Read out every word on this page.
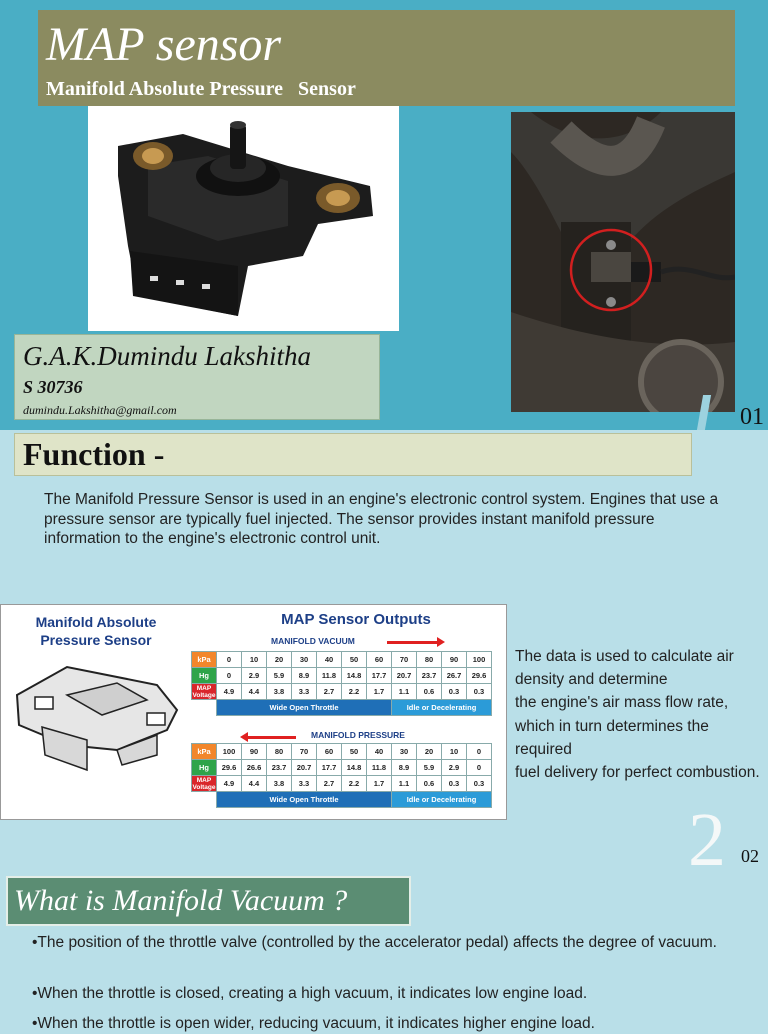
MAP sensor
Manifold Absolute Pressure   Sensor
G.A.K.Dumindu Lakshitha
S 30736
dumindu.Lakshitha@gmail.com	01
Function -
The Manifold Pressure Sensor is used in an engine's electronic control system. Engines that use a pressure sensor are typically fuel injected. The sensor provides instant manifold pressure information to the engine's electronic control unit.
Manifold Absolute Pressure Sensor
MAP Sensor Outputs
MANIFOLD VACUUM
kPa	0	10	20	30	40	50	60	70	80	90	100
Hg	0	2.9	5.9	8.9	11.8	14.8	17.7	20.7	23.7	26.7	29.6
MAP
Voltage	4.9	4.4	3.8	3.3	2.7	2.2	1.7	1.1	0.6	0.3	0.3
	Wide Open Throttle							Idle or Decelerating			
MANIFOLD PRESSURE
kPa	100	90	80	70	60	50	40	30	20	10	0
Hg	29.6	26.6	23.7	20.7	17.7	14.8	11.8	8.9	5.9	2.9	0
MAP
Voltage	4.9	4.4	3.8	3.3	2.7	2.2	1.7	1.1	0.6	0.3	0.3
	Wide Open Throttle							Idle or Decelerating			
The data is used to calculate air density and determine
the engine's air mass flow rate, which in turn determines the required
fuel delivery for perfect combustion.
2 02
What is Manifold Vacuum ?
•The position of the throttle valve (controlled by the accelerator pedal) affects the degree of vacuum.
•When the throttle is closed, creating a high vacuum, it indicates low engine load.
•When the throttle is open wider, reducing vacuum, it indicates higher engine load.
